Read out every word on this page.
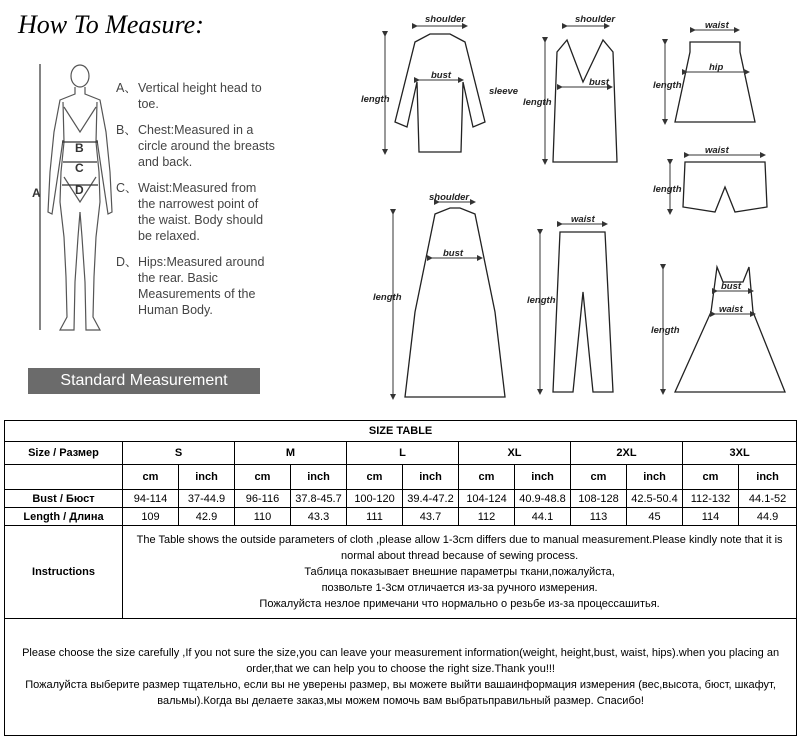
How To Measure:
A
B
C
D
A、 Vertical height head to toe.
B、 Chest:Measured in a circle around the breasts and back.
C、 Waist:Measured from the narrowest point of the waist. Body should be relaxed.
D、 Hips:Measured around the rear. Basic Measurements of the Human Body.
Standard Measurement
shoulder
bust
sleeve
length
shoulder
bust
length
waist
hip
length
waist
length
shoulder
bust
length
waist
length
bust
waist
length
SIZE TABLE												
Size / Размер	S		M		L		XL		2XL		3XL	
	cm	inch	cm	inch	cm	inch	cm	inch	cm	inch	cm	inch
Bust / Бюст	94-114	37-44.9	96-116	37.8-45.7	100-120	39.4-47.2	104-124	40.9-48.8	108-128	42.5-50.4	112-132	44.1-52
Length / Длина	109	42.9	110	43.3	111	43.7	112	44.1	113	45	114	44.9
Instructions	The Table shows the outside parameters of cloth ,please allow 1-3cm differs due to manual measurement.Please kindly note that it is normal about thread because of sewing process.
Таблица показывает внешние параметры ткани,пожалуйста,
позвольте 1-3см отличается из-за ручного измерения.
Пожалуйста незлое примечани что нормально о резьбе из-за процессашитья.											

Please choose the size carefully ,If you not sure the size,you can leave your measurement information(weight, height,bust, waist, hips).when you placing an order,that we can help you to choose the right size.Thank you!!!
Пожалуйста выберите размер тщательно, если вы не уверены размер, вы можете выйти вашаинформация измерения (вес,высота, бюст, шкафут, вальмы).Когда вы делаете заказ,мы можем помочь вам выбратьправильный размер. Спасибо!												
